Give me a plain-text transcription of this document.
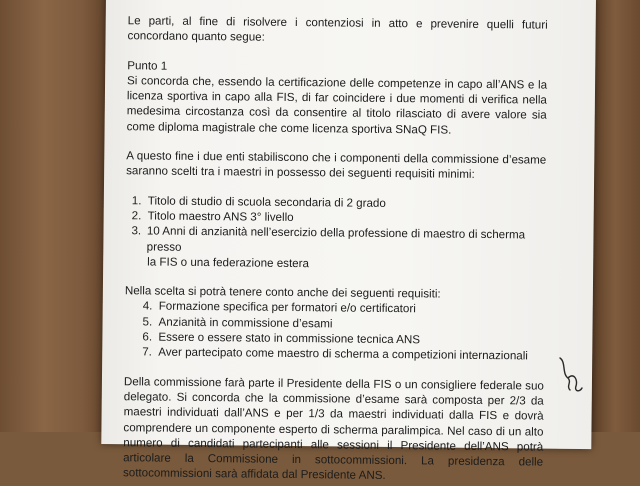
Le parti, al fine di risolvere i contenziosi in atto e prevenire quelli futuri concordano quanto segue:

Punto 1

Si concorda che, essendo la certificazione delle competenze in capo all’ANS e la licenza sportiva in capo alla FIS, di far coincidere i due momenti di verifica nella medesima circostanza così da consentire al titolo rilasciato di avere valore sia come diploma magistrale che come licenza sportiva SNaQ FIS.

A questo fine i due enti stabiliscono che i componenti della commissione d’esame saranno scelti tra i maestri in possesso dei seguenti requisiti minimi:

1. Titolo di studio di scuola secondaria di 2 grado
2. Titolo maestro ANS 3° livello
3. 10 Anni di anzianità nell’esercizio della professione di maestro di scherma presso
la FIS o una federazione estera

Nella scelta si potrà tenere conto anche dei seguenti requisiti:

4. Formazione specifica per formatori e/o certificatori
5. Anzianità in commissione d’esami
6. Essere o essere stato in commissione tecnica ANS
7. Aver partecipato come maestro di scherma a competizioni internazionali

Della commissione farà parte il Presidente della FIS o un consigliere federale suo delegato. Si concorda che la commissione d’esame sarà composta per 2/3 da maestri individuati dall’ANS e per 1/3 da maestri individuati dalla FIS e dovrà comprendere un componente esperto di scherma paralimpica. Nel caso di un alto numero di candidati partecipanti alle sessioni il Presidente dell’ANS potrà articolare la Commissione in sottocommissioni. La presidenza delle sottocommissioni sarà affidata dal Presidente ANS.
